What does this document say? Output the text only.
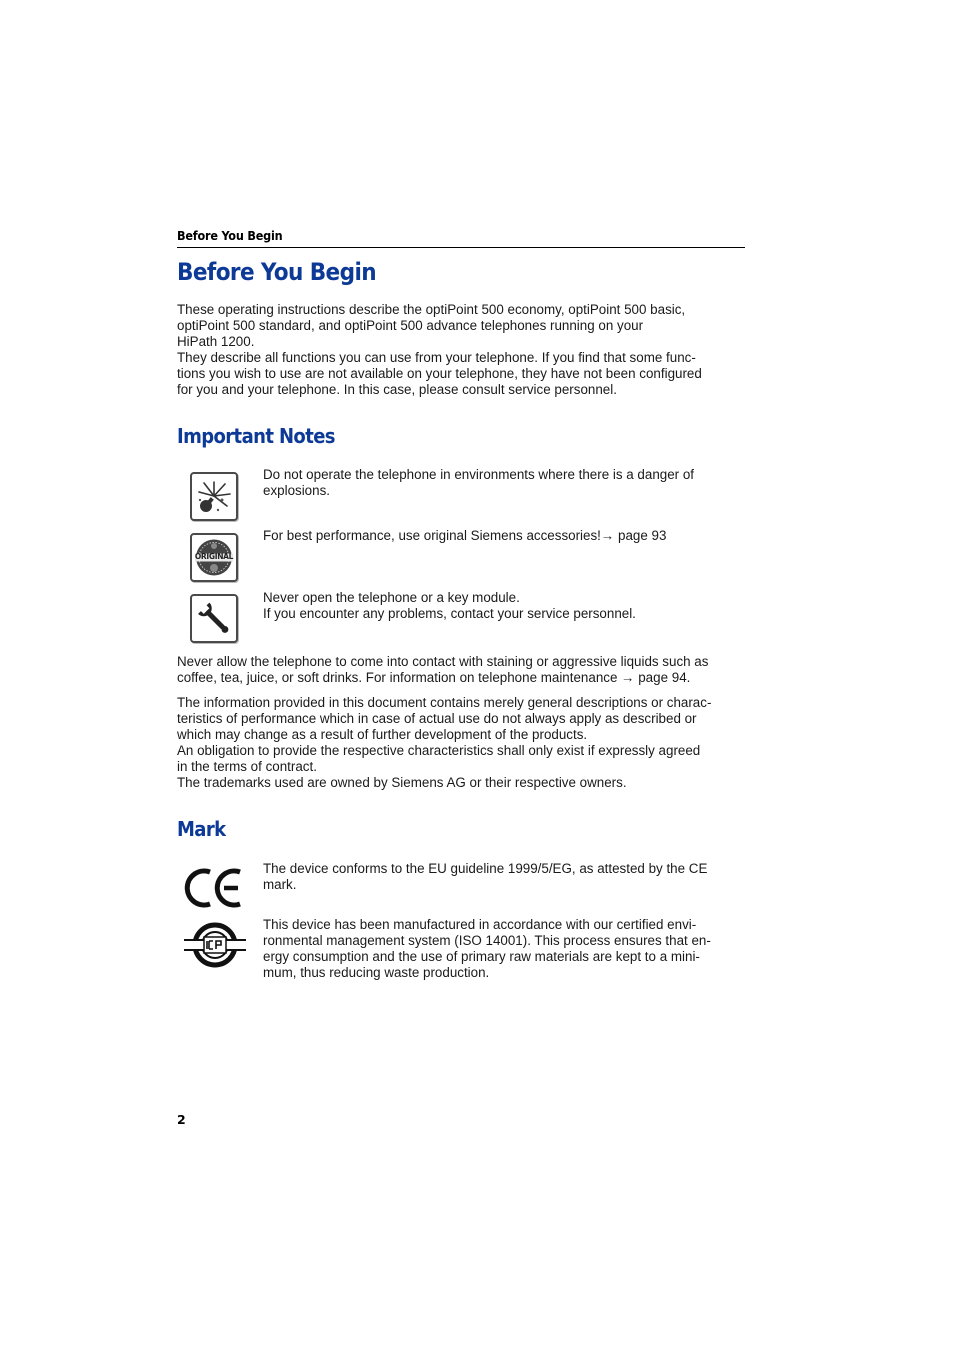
Before You Begin
Before You Begin

These operating instructions describe the optiPoint 500 economy, optiPoint 500 basic,
optiPoint 500 standard, and optiPoint 500 advance telephones running on your
HiPath 1200.
They describe all functions you can use from your telephone. If you find that some func-
tions you wish to use are not available on your telephone, they have not been configured
for you and your telephone. In this case, please consult service personnel.

Important Notes

Do not operate the telephone in environments where there is a danger of
explosions.

ORIGINAL

For best performance, use original Siemens accessories!→ page 93

Never open the telephone or a key module.
If you encounter any problems, contact your service personnel.

Never allow the telephone to come into contact with staining or aggressive liquids such as
coffee, tea, juice, or soft drinks. For information on telephone maintenance → page 94.

The information provided in this document contains merely general descriptions or charac-
teristics of performance which in case of actual use do not always apply as described or
which may change as a result of further development of the products.
An obligation to provide the respective characteristics shall only exist if expressly agreed
in the terms of contract.
The trademarks used are owned by Siemens AG or their respective owners.

Mark

The device conforms to the EU guideline 1999/5/EG, as attested by the CE
mark.

This device has been manufactured in accordance with our certified envi-
ronmental management system (ISO 14001). This process ensures that en-
ergy consumption and the use of primary raw materials are kept to a mini-
mum, thus reducing waste production.

2
